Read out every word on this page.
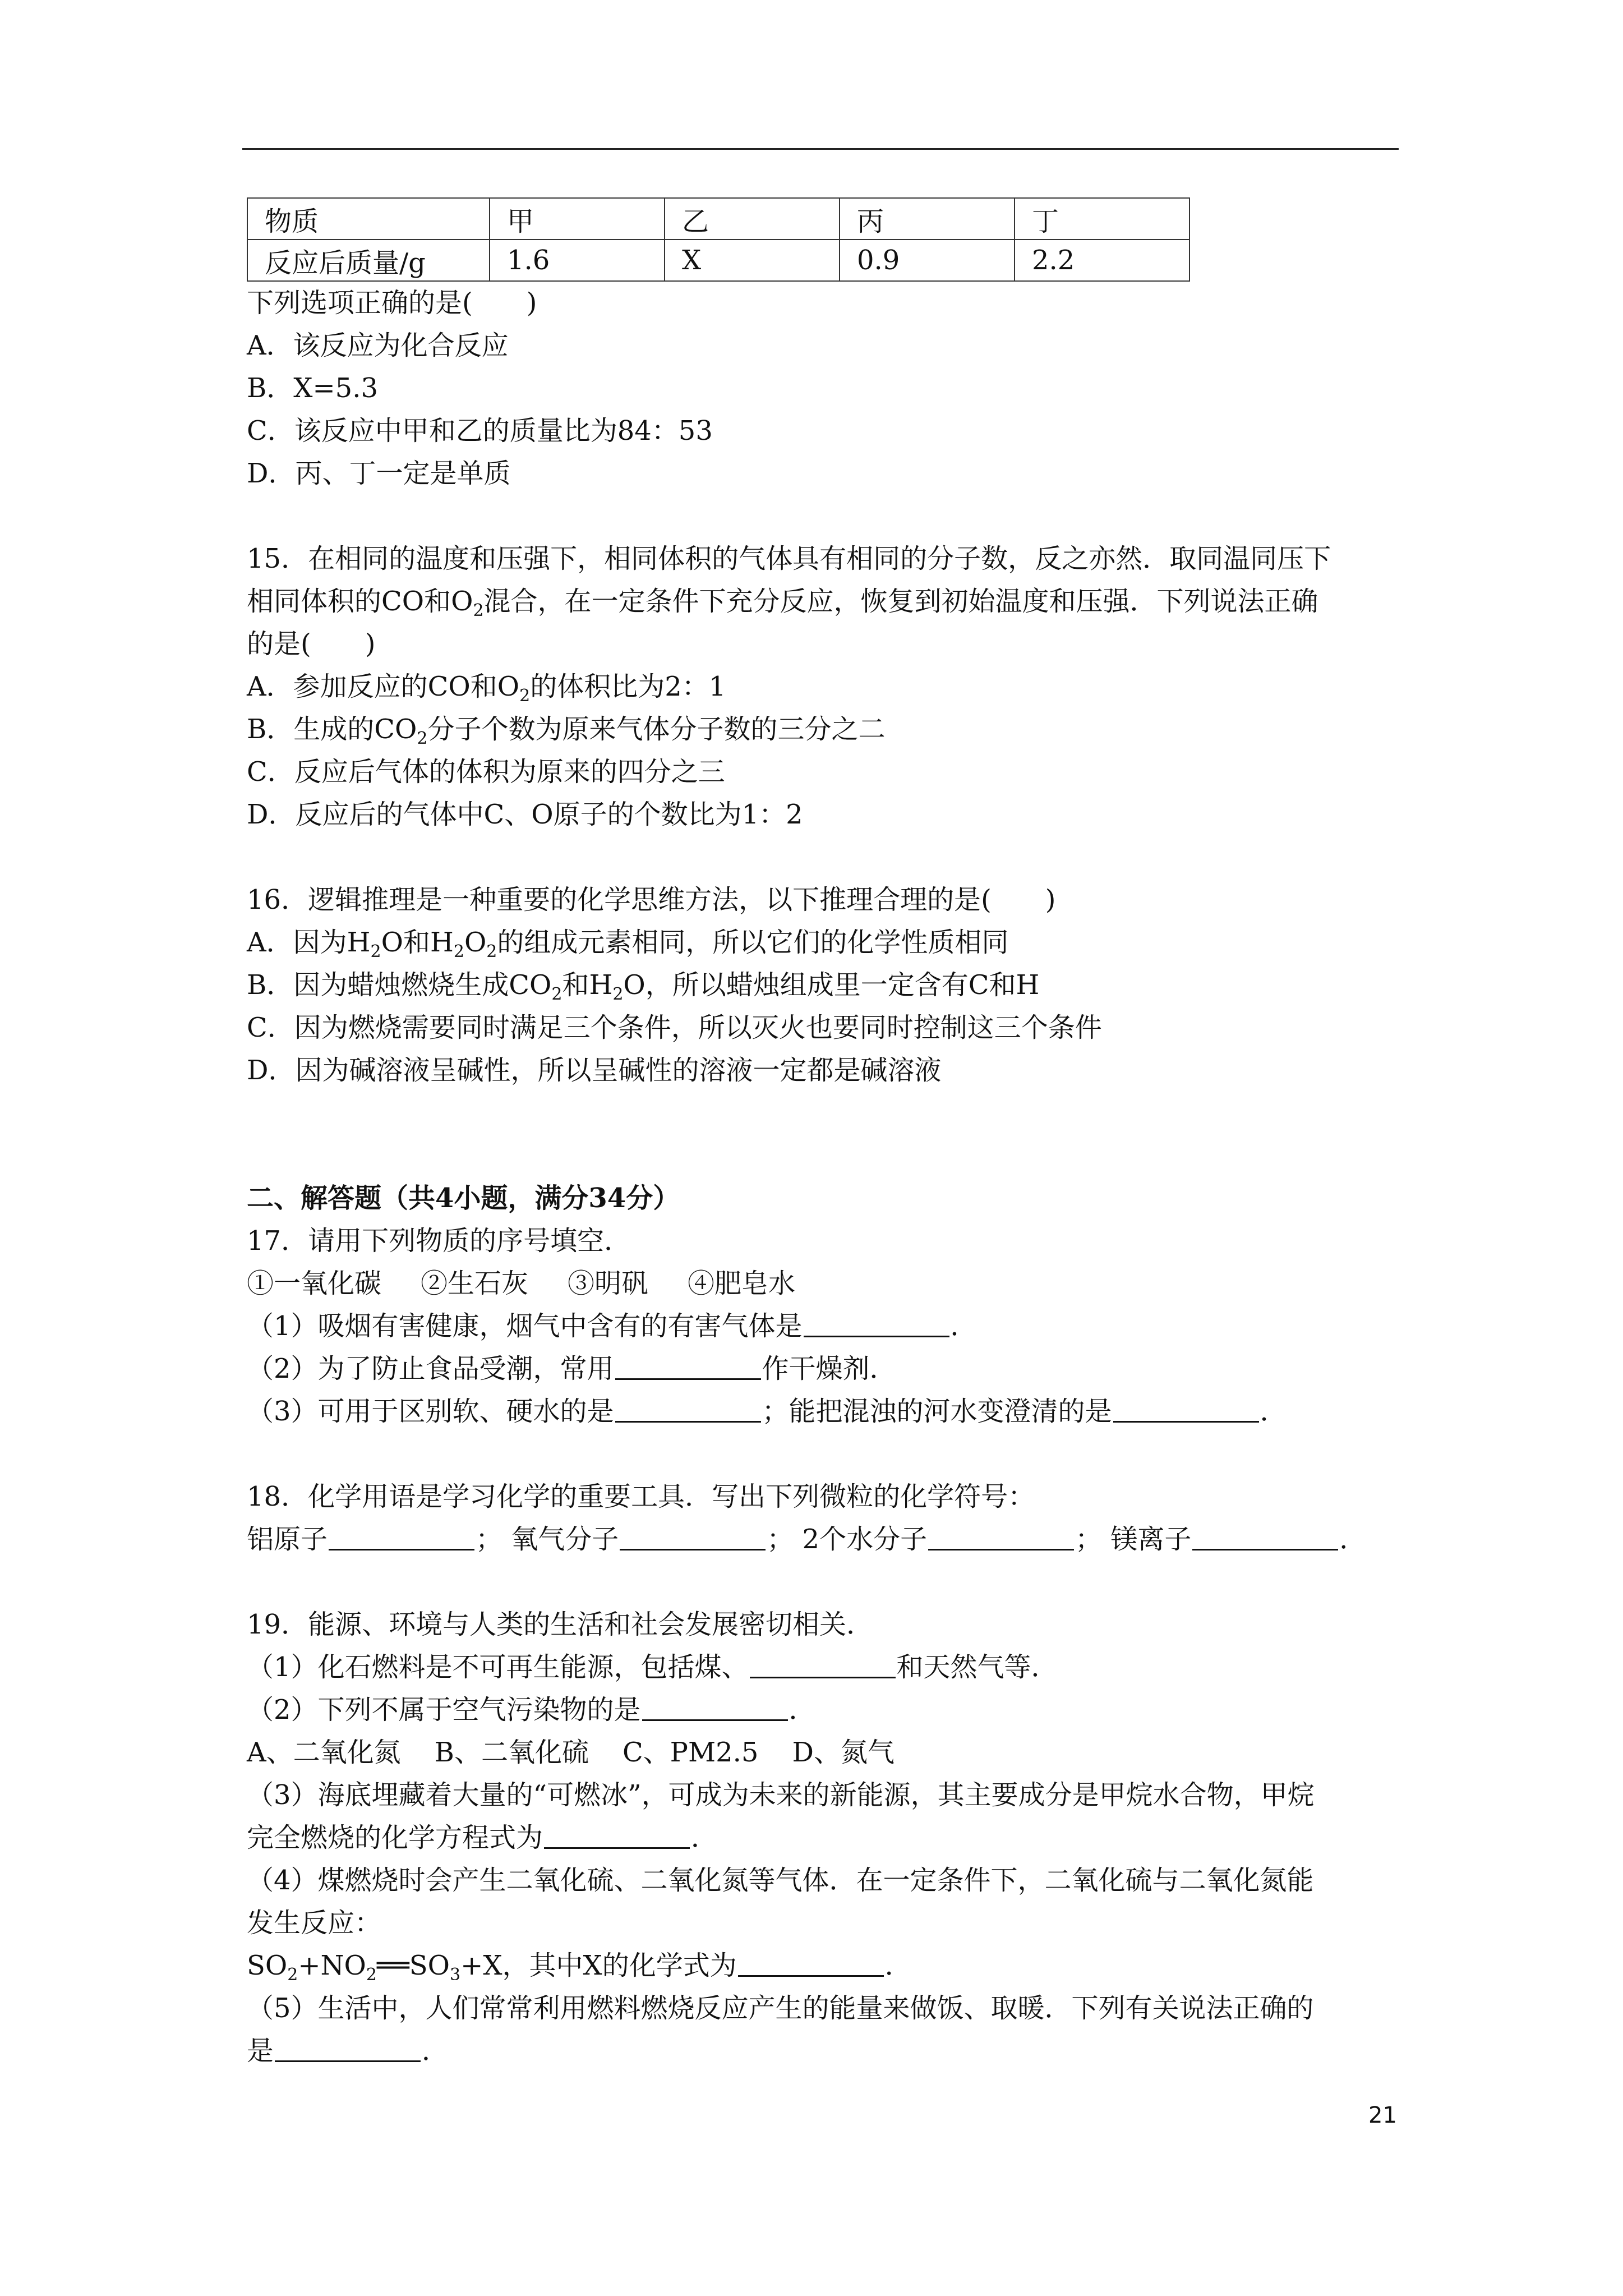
物质	甲	乙	丙	丁
反应后质量/g	1.6	X	0.9	2.2
下列选项正确的是(　　)
A．该反应为化合反应
B．X=5.3
C．该反应中甲和乙的质量比为84：53
D．丙、丁一定是单质
15．在相同的温度和压强下，相同体积的气体具有相同的分子数，反之亦然．取同温同压下
相同体积的CO和$O_2$混合，在一定条件下充分反应，恢复到初始温度和压强．下列说法正确
的是(　　)
A．参加反应的CO和$O_2$的体积比为2：1
B．生成的$CO_2$分子个数为原来气体分子数的三分之二
C．反应后气体的体积为原来的四分之三
D．反应后的气体中C、O原子的个数比为1：2
16．逻辑推理是一种重要的化学思维方法，以下推理合理的是(　　)
A．因为$H_2O$和$H_2O_2$的组成元素相同，所以它们的化学性质相同
B．因为蜡烛燃烧生成$CO_2$和$H_2O$，所以蜡烛组成里一定含有C和H
C．因为燃烧需要同时满足三个条件，所以灭火也要同时控制这三个条件
D．因为碱溶液呈碱性，所以呈碱性的溶液一定都是碱溶液
二、解答题（共4小题，满分34分）
17．请用下列物质的序号填空．
①一氧化碳 ②生石灰 ③明矾 ④肥皂水
（1）吸烟有害健康，烟气中含有的有害气体是	．
（2）为了防止食品受潮，常用	作干燥剂．
（3）可用于区别软、硬水的是	；能把混浊的河水变澄清的是	．
18．化学用语是学习化学的重要工具．写出下列微粒的化学符号：
铝原子	； 氧气分子	； 2个水分子	； 镁离子	．
19．能源、环境与人类的生活和社会发展密切相关．
（1）化石燃料是不可再生能源，包括煤、	和天然气等．
（2）下列不属于空气污染物的是	．
A、二氧化氮 B、二氧化硫 C、PM2.5 D、氮气
（3）海底埋藏着大量的“可燃冰”，可成为未来的新能源，其主要成分是甲烷水合物，甲烷
完全燃烧的化学方程式为	．
（4）煤燃烧时会产生二氧化硫、二氧化氮等气体．在一定条件下，二氧化硫与二氧化氮能
发生反应：
$SO_2+NO_2══SO_3+X$，其中X的化学式为	．
（5）生活中，人们常常利用燃料燃烧反应产生的能量来做饭、取暖．下列有关说法正确的
是	．
21
